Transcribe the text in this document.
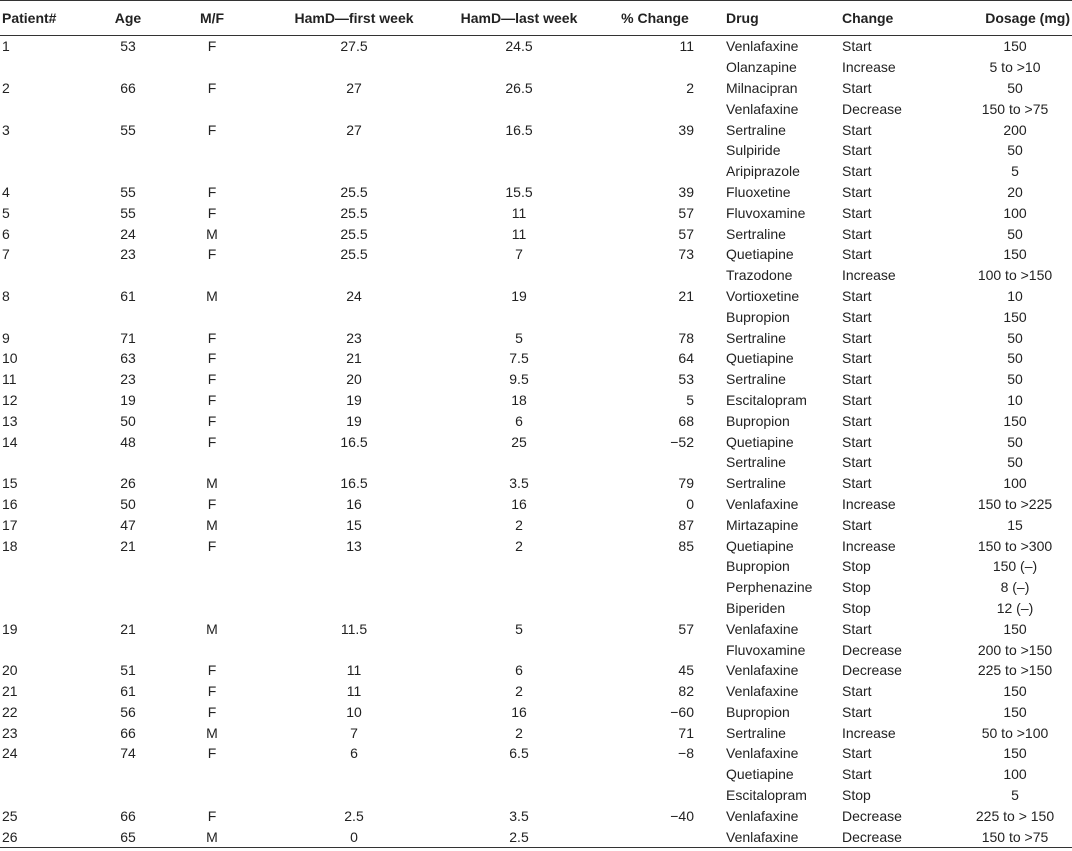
Patient#	Age	M/F	HamD—first week	HamD—last week	% Change	Drug	Change	Dosage (mg)
1	53	F	27.5	24.5	11	Venlafaxine	Start	150
						Olanzapine	Increase	5 to >10
2	66	F	27	26.5	2	Milnacipran	Start	50
						Venlafaxine	Decrease	150 to >75
3	55	F	27	16.5	39	Sertraline	Start	200
						Sulpiride	Start	50
						Aripiprazole	Start	5
4	55	F	25.5	15.5	39	Fluoxetine	Start	20
5	55	F	25.5	11	57	Fluvoxamine	Start	100
6	24	M	25.5	11	57	Sertraline	Start	50
7	23	F	25.5	7	73	Quetiapine	Start	150
						Trazodone	Increase	100 to >150
8	61	M	24	19	21	Vortioxetine	Start	10
						Bupropion	Start	150
9	71	F	23	5	78	Sertraline	Start	50
10	63	F	21	7.5	64	Quetiapine	Start	50
11	23	F	20	9.5	53	Sertraline	Start	50
12	19	F	19	18	5	Escitalopram	Start	10
13	50	F	19	6	68	Bupropion	Start	150
14	48	F	16.5	25	−52	Quetiapine	Start	50
						Sertraline	Start	50
15	26	M	16.5	3.5	79	Sertraline	Start	100
16	50	F	16	16	0	Venlafaxine	Increase	150 to >225
17	47	M	15	2	87	Mirtazapine	Start	15
18	21	F	13	2	85	Quetiapine	Increase	150 to >300
						Bupropion	Stop	150 (–)
						Perphenazine	Stop	8 (–)
						Biperiden	Stop	12 (–)
19	21	M	11.5	5	57	Venlafaxine	Start	150
						Fluvoxamine	Decrease	200 to >150
20	51	F	11	6	45	Venlafaxine	Decrease	225 to >150
21	61	F	11	2	82	Venlafaxine	Start	150
22	56	F	10	16	−60	Bupropion	Start	150
23	66	M	7	2	71	Sertraline	Increase	50 to >100
24	74	F	6	6.5	−8	Venlafaxine	Start	150
						Quetiapine	Start	100
						Escitalopram	Stop	5
25	66	F	2.5	3.5	−40	Venlafaxine	Decrease	225 to > 150
26	65	M	0	2.5		Venlafaxine	Decrease	150 to >75
